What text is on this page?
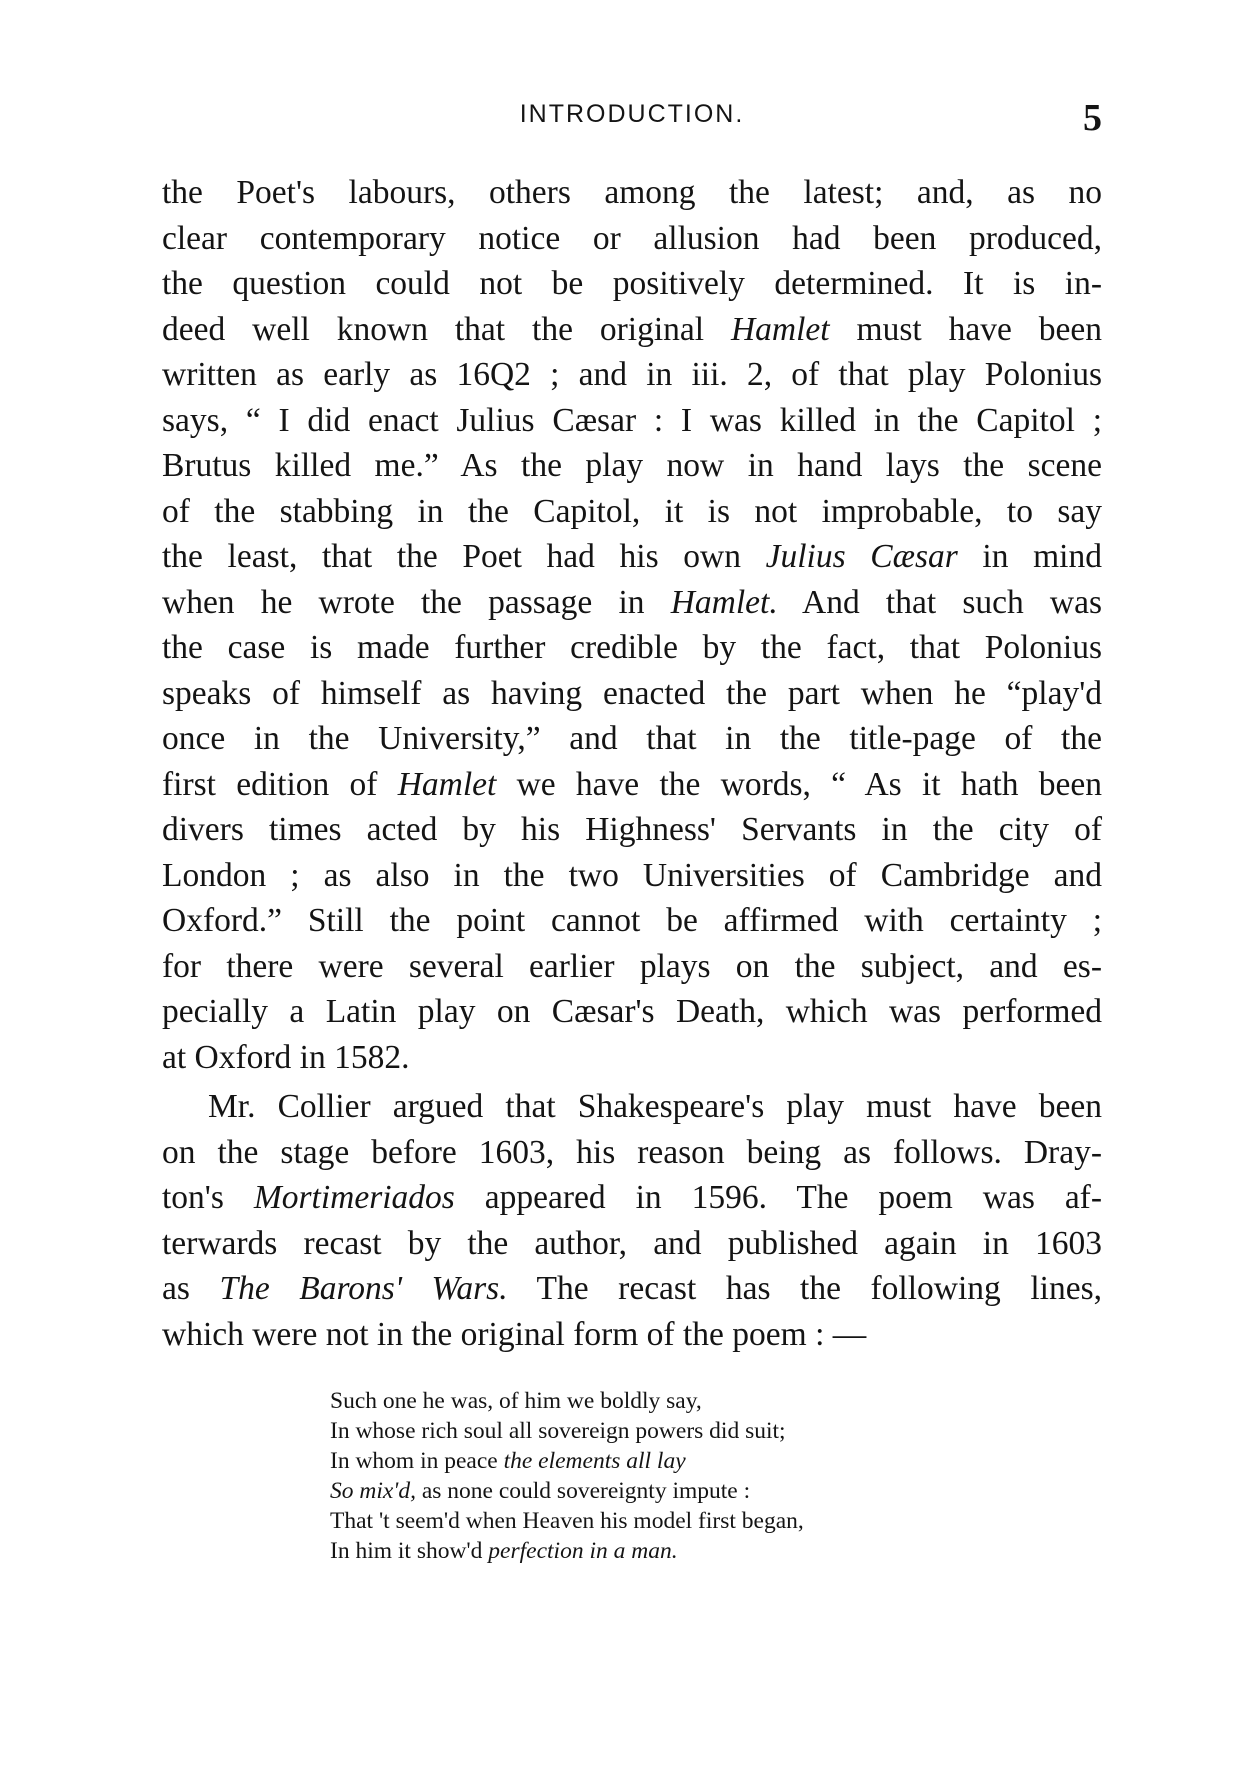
INTRODUCTION.	5
the Poet's labours, others among the latest; and, as no
clear contemporary notice or allusion had been produced,
the question could not be positively determined. It is in-
deed well known that the original Hamlet must have been
written as early as 16Q2 ; and in iii. 2, of that play Polonius
says, “ I did enact Julius Cæsar : I was killed in the Capitol ;
Brutus killed me.” As the play now in hand lays the scene
of the stabbing in the Capitol, it is not improbable, to say
the least, that the Poet had his own Julius Cæsar in mind
when he wrote the passage in Hamlet. And that such was
the case is made further credible by the fact, that Polonius
speaks of himself as having enacted the part when he “play'd
once in the University,” and that in the title-page of the
first edition of Hamlet we have the words, “ As it hath been
divers times acted by his Highness' Servants in the city of
London ; as also in the two Universities of Cambridge and
Oxford.” Still the point cannot be affirmed with certainty ;
for there were several earlier plays on the subject, and es-
pecially a Latin play on Cæsar's Death, which was performed
at Oxford in 1582.
Mr. Collier argued that Shakespeare's play must have been
on the stage before 1603, his reason being as follows. Dray-
ton's Mortimeriados appeared in 1596. The poem was af-
terwards recast by the author, and published again in 1603
as The Barons' Wars. The recast has the following lines,
which were not in the original form of the poem : —
Such one he was, of him we boldly say,
In whose rich soul all sovereign powers did suit;
In whom in peace the elements all lay
So mix'd, as none could sovereignty impute :
That 't seem'd when Heaven his model first began,
In him it show'd perfection in a man.
